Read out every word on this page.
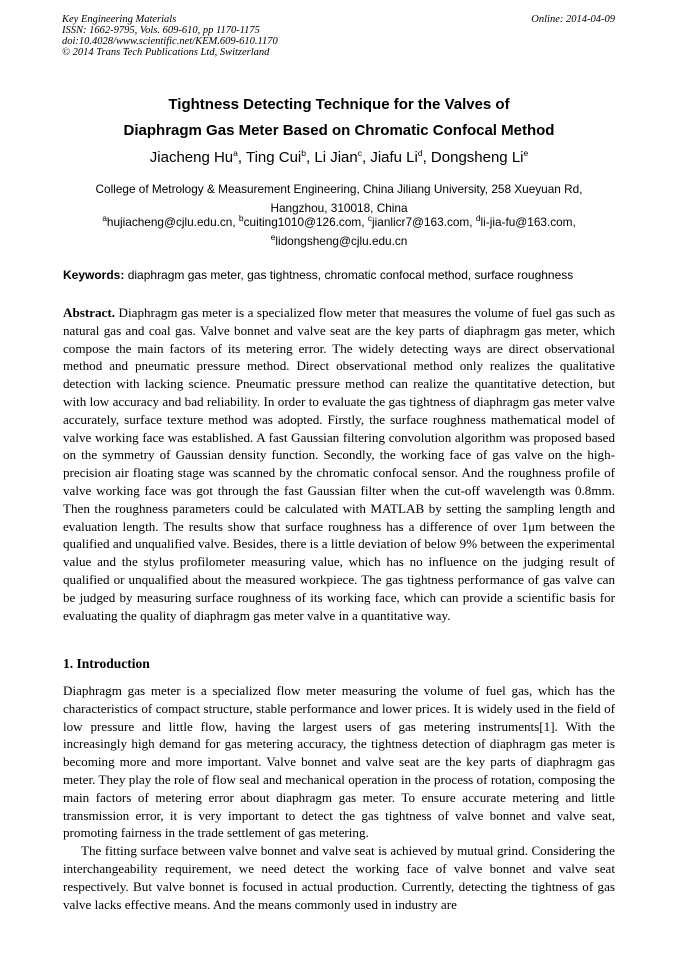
Key Engineering Materials
ISSN: 1662-9795, Vols. 609-610, pp 1170-1175
doi:10.4028/www.scientific.net/KEM.609-610.1170
© 2014 Trans Tech Publications Ltd, Switzerland
Online: 2014-04-09
Tightness Detecting Technique for the Valves of
Diaphragm Gas Meter Based on Chromatic Confocal Method
Jiacheng Hu$^a$, Ting Cui$^b$, Li Jian$^c$, Jiafu Li$^d$, Dongsheng Li$^e$
College of Metrology & Measurement Engineering, China Jiliang University, 258 Xueyuan Rd,
Hangzhou, 310018, China
$^a$hujiacheng@cjlu.edu.cn, $^b$cuiting1010@126.com, $^c$jianlicr7@163.com, $^d$li-jia-fu@163.com,
$^e$lidongsheng@cjlu.edu.cn
Keywords: diaphragm gas meter, gas tightness, chromatic confocal method, surface roughness
Abstract. Diaphragm gas meter is a specialized flow meter that measures the volume of fuel gas such as natural gas and coal gas. Valve bonnet and valve seat are the key parts of diaphragm gas meter, which compose the main factors of its metering error. The widely detecting ways are direct observational method and pneumatic pressure method. Direct observational method only realizes the qualitative detection with lacking science. Pneumatic pressure method can realize the quantitative detection, but with low accuracy and bad reliability. In order to evaluate the gas tightness of diaphragm gas meter valve accurately, surface texture method was adopted. Firstly, the surface roughness mathematical model of valve working face was established. A fast Gaussian filtering convolution algorithm was proposed based on the symmetry of Gaussian density function. Secondly, the working face of gas valve on the high-precision air floating stage was scanned by the chromatic confocal sensor. And the roughness profile of valve working face was got through the fast Gaussian filter when the cut-off wavelength was 0.8mm. Then the roughness parameters could be calculated with MATLAB by setting the sampling length and evaluation length. The results show that surface roughness has a difference of over 1μm between the qualified and unqualified valve. Besides, there is a little deviation of below 9% between the experimental value and the stylus profilometer measuring value, which has no influence on the judging result of qualified or unqualified about the measured workpiece. The gas tightness performance of gas valve can be judged by measuring surface roughness of its working face, which can provide a scientific basis for evaluating the quality of diaphragm gas meter valve in a quantitative way.
1. Introduction

Diaphragm gas meter is a specialized flow meter measuring the volume of fuel gas, which has the characteristics of compact structure, stable performance and lower prices. It is widely used in the field of low pressure and little flow, having the largest users of gas metering instruments[1]. With the increasingly high demand for gas metering accuracy, the tightness detection of diaphragm gas meter is becoming more and more important. Valve bonnet and valve seat are the key parts of diaphragm gas meter. They play the role of flow seal and mechanical operation in the process of rotation, composing the main factors of metering error about diaphragm gas meter. To ensure accurate metering and little transmission error, it is very important to detect the gas tightness of valve bonnet and valve seat, promoting fairness in the trade settlement of gas metering.

The fitting surface between valve bonnet and valve seat is achieved by mutual grind. Considering the interchangeability requirement, we need detect the working face of valve bonnet and valve seat respectively. But valve bonnet is focused in actual production. Currently, detecting the tightness of gas valve lacks effective means. And the means commonly used in industry are
